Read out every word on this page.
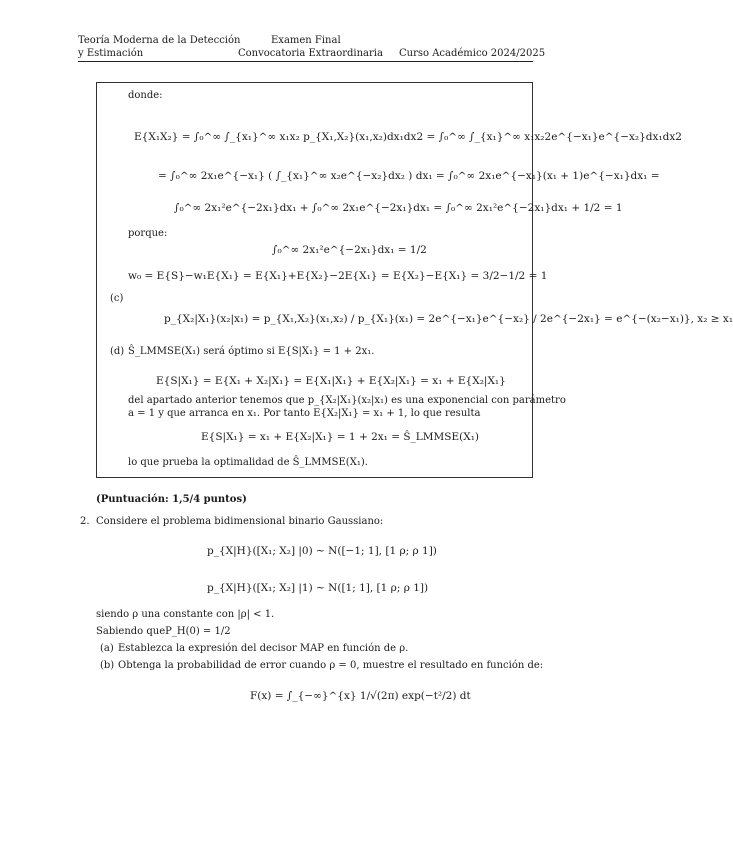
Teoría Moderna de la Detección
y Estimación
Examen Final
Convocatoria Extraordinaria Curso Académico 2024/2025
donde:
E{X₁X₂} = ∫₀^∞ ∫_{x₁}^∞ x₁x₂ p_{X₁,X₂}(x₁,x₂)dx₁dx2 = ∫₀^∞ ∫_{x₁}^∞ x₁x₂2e^{−x₁}e^{−x₂}dx₁dx2
= ∫₀^∞ 2x₁e^{−x₁} ( ∫_{x₁}^∞ x₂e^{−x₂}dx₂ ) dx₁ = ∫₀^∞ 2x₁e^{−x₁}(x₁ + 1)e^{−x₁}dx₁ =
∫₀^∞ 2x₁²e^{−2x₁}dx₁ + ∫₀^∞ 2x₁e^{−2x₁}dx₁ = ∫₀^∞ 2x₁²e^{−2x₁}dx₁ + 1/2 = 1
porque:
∫₀^∞ 2x₁²e^{−2x₁}dx₁ = 1/2
w₀ = E{S}−w₁E{X₁} = E{X₁}+E{X₂}−2E{X₁} = E{X₂}−E{X₁} = 3/2−1/2 = 1
(c)
p_{X₂|X₁}(x₂|x₁) = p_{X₁,X₂}(x₁,x₂) / p_{X₁}(x₁) = 2e^{−x₁}e^{−x₂} / 2e^{−2x₁} = e^{−(x₂−x₁)}, x₂ ≥ x₁
(d) Ŝ_LMMSE(X₁) será óptimo si E{S|X₁} = 1 + 2x₁.
E{S|X₁} = E{X₁ + X₂|X₁} = E{X₁|X₁} + E{X₂|X₁} = x₁ + E{X₂|X₁}
del apartado anterior tenemos que p_{X₂|X₁}(x₂|x₁) es una exponencial con parámetro
a = 1 y que arranca en x₁. Por tanto E{X₂|X₁} = x₁ + 1, lo que resulta
E{S|X₁} = x₁ + E{X₂|X₁} = 1 + 2x₁ = Ŝ_LMMSE(X₁)
lo que prueba la optimalidad de Ŝ_LMMSE(X₁).
(Puntuación: 1,5/4 puntos)
2. Considere el problema bidimensional binario Gaussiano:
p_{X|H}([X₁; X₂] |0) ∼ N([−1; 1], [1 ρ; ρ 1])
p_{X|H}([X₁; X₂] |1) ∼ N([1; 1], [1 ρ; ρ 1])
siendo ρ una constante con |ρ| < 1.
Sabiendo queP_H(0) = 1/2
(a) Establezca la expresión del decisor MAP en función de ρ.
(b) Obtenga la probabilidad de error cuando ρ = 0, muestre el resultado en función de:
F(x) = ∫_{−∞}^{x} 1/√(2π) exp(−t²/2) dt
